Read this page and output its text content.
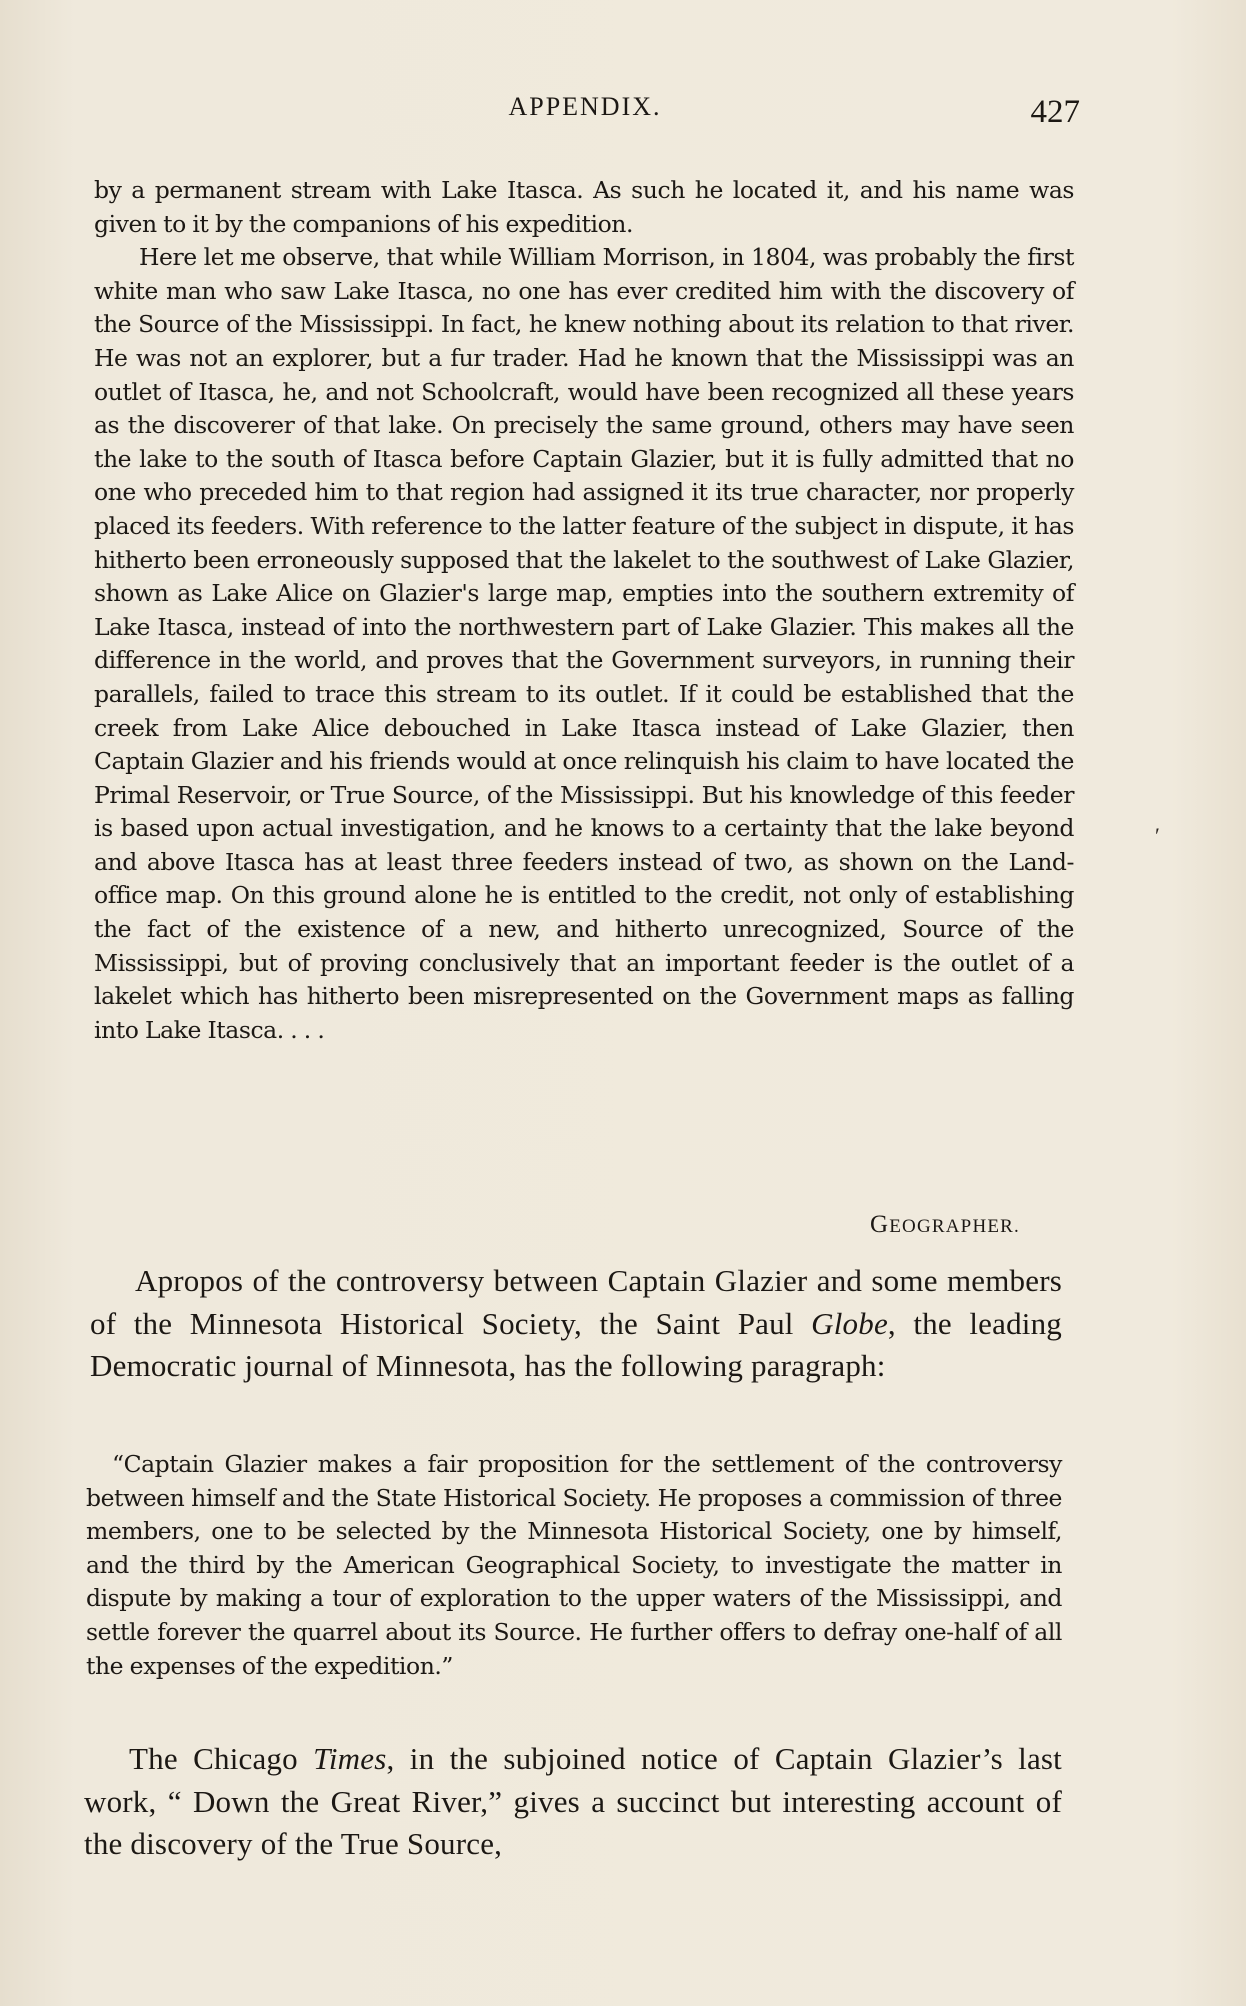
APPENDIX.	427

by a permanent stream with Lake Itasca. As such he located it, and his name was given to it by the companions of his expedition.

Here let me observe, that while William Morrison, in 1804, was probably the first white man who saw Lake Itasca, no one has ever credited him with the discovery of the Source of the Mississippi. In fact, he knew nothing about its relation to that river. He was not an explorer, but a fur trader. Had he known that the Mississippi was an outlet of Itasca, he, and not Schoolcraft, would have been recognized all these years as the discoverer of that lake. On precisely the same ground, others may have seen the lake to the south of Itasca before Captain Glazier, but it is fully admitted that no one who preceded him to that region had assigned it its true character, nor properly placed its feeders. With reference to the latter feature of the subject in dispute, it has hitherto been erroneously supposed that the lakelet to the southwest of Lake Glazier, shown as Lake Alice on Glazier's large map, empties into the southern extremity of Lake Itasca, instead of into the northwestern part of Lake Glazier. This makes all the difference in the world, and proves that the Government surveyors, in running their parallels, failed to trace this stream to its outlet. If it could be established that the creek from Lake Alice debouched in Lake Itasca instead of Lake Glazier, then Captain Glazier and his friends would at once relinquish his claim to have located the Primal Reservoir, or True Source, of the Mississippi. But his knowledge of this feeder is based upon actual investigation, and he knows to a certainty that the lake beyond and above Itasca has at least three feeders instead of two, as shown on the Land-office map. On this ground alone he is entitled to the credit, not only of establishing the fact of the existence of a new, and hitherto unrecognized, Source of the Mississippi, but of proving conclusively that an important feeder is the outlet of a lakelet which has hitherto been misrepresented on the Government maps as falling into Lake Itasca. . . .

GEOGRAPHER.

Apropos of the controversy between Captain Glazier and some members of the Minnesota Historical Society, the Saint Paul Globe, the leading Democratic journal of Minnesota, has the following paragraph:

“Captain Glazier makes a fair proposition for the settlement of the controversy between himself and the State Historical Society. He proposes a commission of three members, one to be selected by the Minnesota Historical Society, one by himself, and the third by the American Geographical Society, to investigate the matter in dispute by making a tour of exploration to the upper waters of the Mississippi, and settle forever the quarrel about its Source. He further offers to defray one-half of all the expenses of the expedition.”

The Chicago Times, in the subjoined notice of Captain Glazier’s last work, “ Down the Great River,” gives a succinct but interesting account of the discovery of the True Source,

′
